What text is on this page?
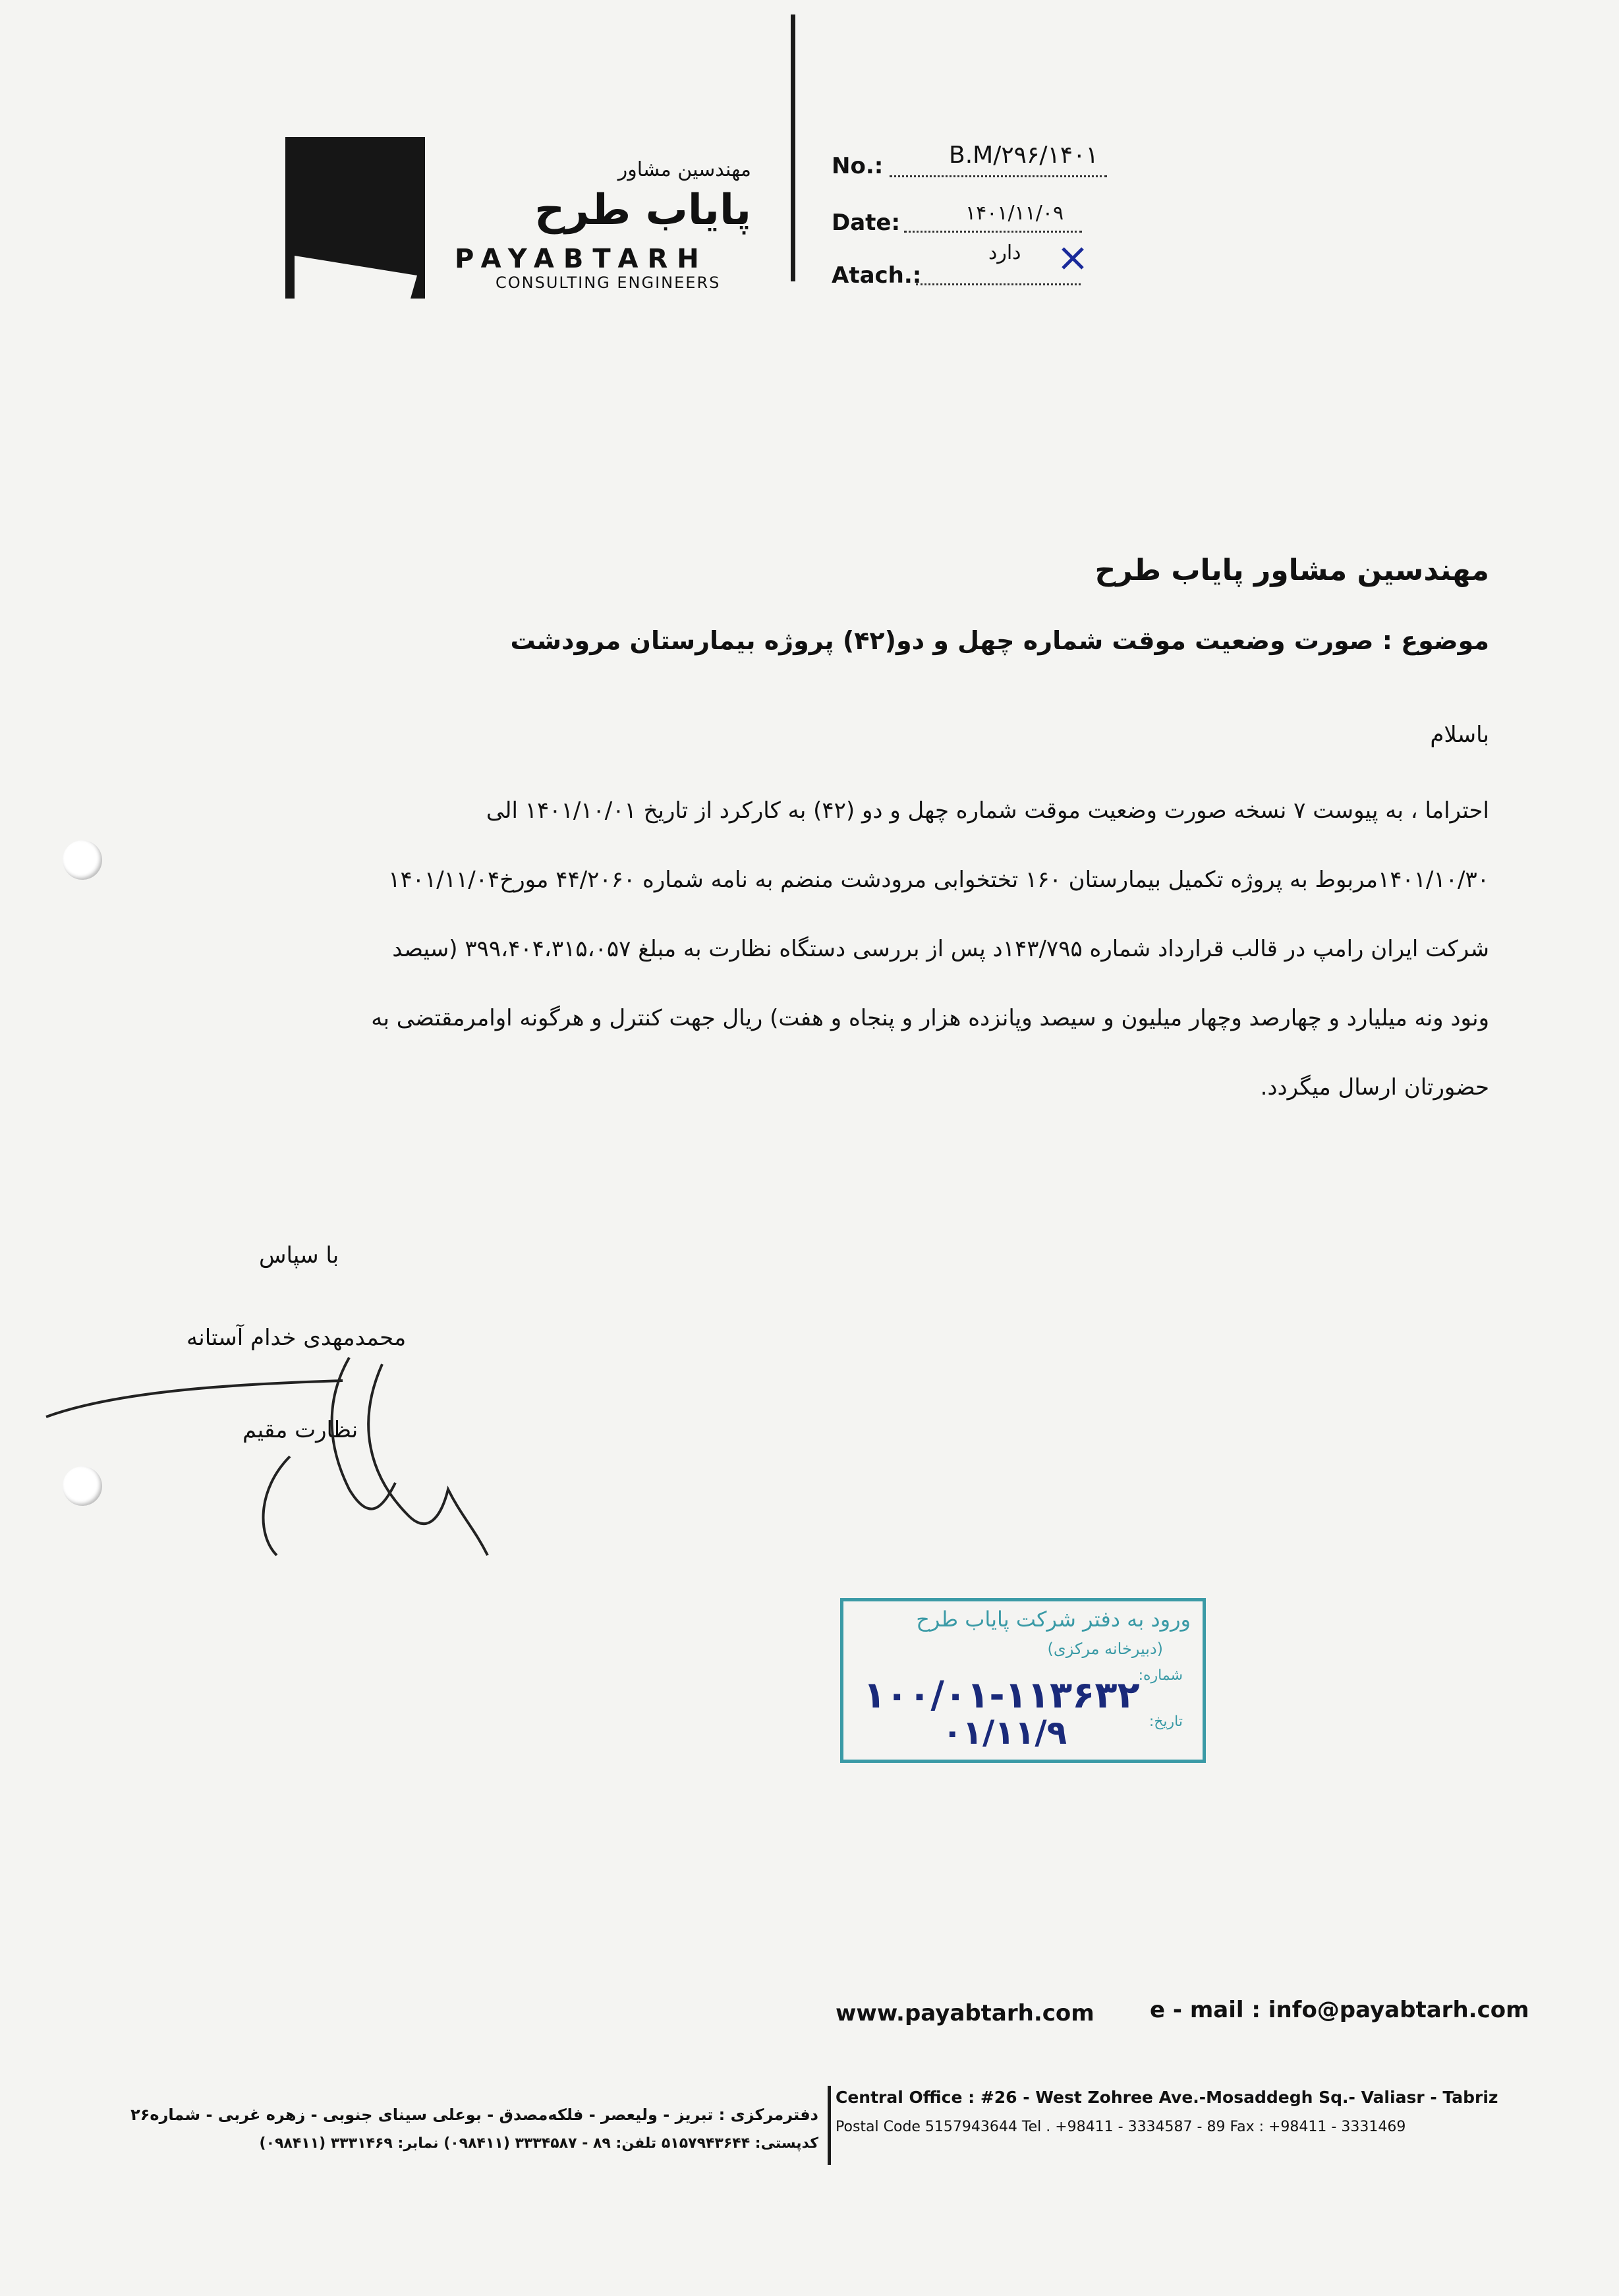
مهندسین مشاور
پایاب طرح
PAYABTARH
CONSULTING ENGINEERS
No.:	B.M/۲۹۶/۱۴۰۱
Date:	۱۴۰۱/۱۱/۰۹
Atach.:
دارد
مهندسین مشاور پایاب طرح
موضوع : صورت وضعیت موقت شماره چهل و دو(۴۲) پروژه بیمارستان مرودشت
باسلام
احتراما ، به پیوست ۷ نسخه صورت وضعیت موقت شماره چهل و دو (۴۲) به کارکرد از تاریخ ۱۴۰۱/۱۰/۰۱ الی
۱۴۰۱/۱۰/۳۰مربوط به پروژه تکمیل بیمارستان ۱۶۰ تختخوابی مرودشت منضم به نامه شماره ۴۴/۲۰۶۰ مورخ۱۴۰۱/۱۱/۰۴
شرکت ایران رامپ در قالب قرارداد شماره ۱۴۳/۷۹۵د پس از بررسی دستگاه نظارت به مبلغ ۳۹۹،۴۰۴،۳۱۵،۰۵۷ (سیصد
ونود ونه میلیارد و چهارصد وچهار میلیون و سیصد وپانزده هزار و پنجاه و هفت) ریال جهت کنترل و هرگونه اوامرمقتضی به
حضورتان ارسال میگردد.
با سپاس
محمدمهدی خدام آستانه
نظارت مقیم
ورود به دفتر شرکت پایاب طرح
(دبیرخانه مرکزی)
شماره:
تاریخ:
۱۰۰/۰۱-۱۱۳۶۳۲
۰۱/۱۱/۹
www.payabtarh.com e - mail : info@payabtarh.com
Central Office : #26 - West Zohree Ave.-Mosaddegh Sq.- Valiasr - Tabriz
Postal Code 5157943644 Tel . +98411 - 3334587 - 89 Fax : +98411 - 3331469
دفترمرکزی : تبریز - ولیعصر - فلکه‌مصدق - بوعلی سینای جنوبی - زهره غربی - شماره۲۶
کدپستی: ۵۱۵۷۹۴۳۶۴۴ تلفن: ۸۹ - ۳۳۳۴۵۸۷ (۰۹۸۴۱۱) نمابر: ۳۳۳۱۴۶۹ (۰۹۸۴۱۱)
